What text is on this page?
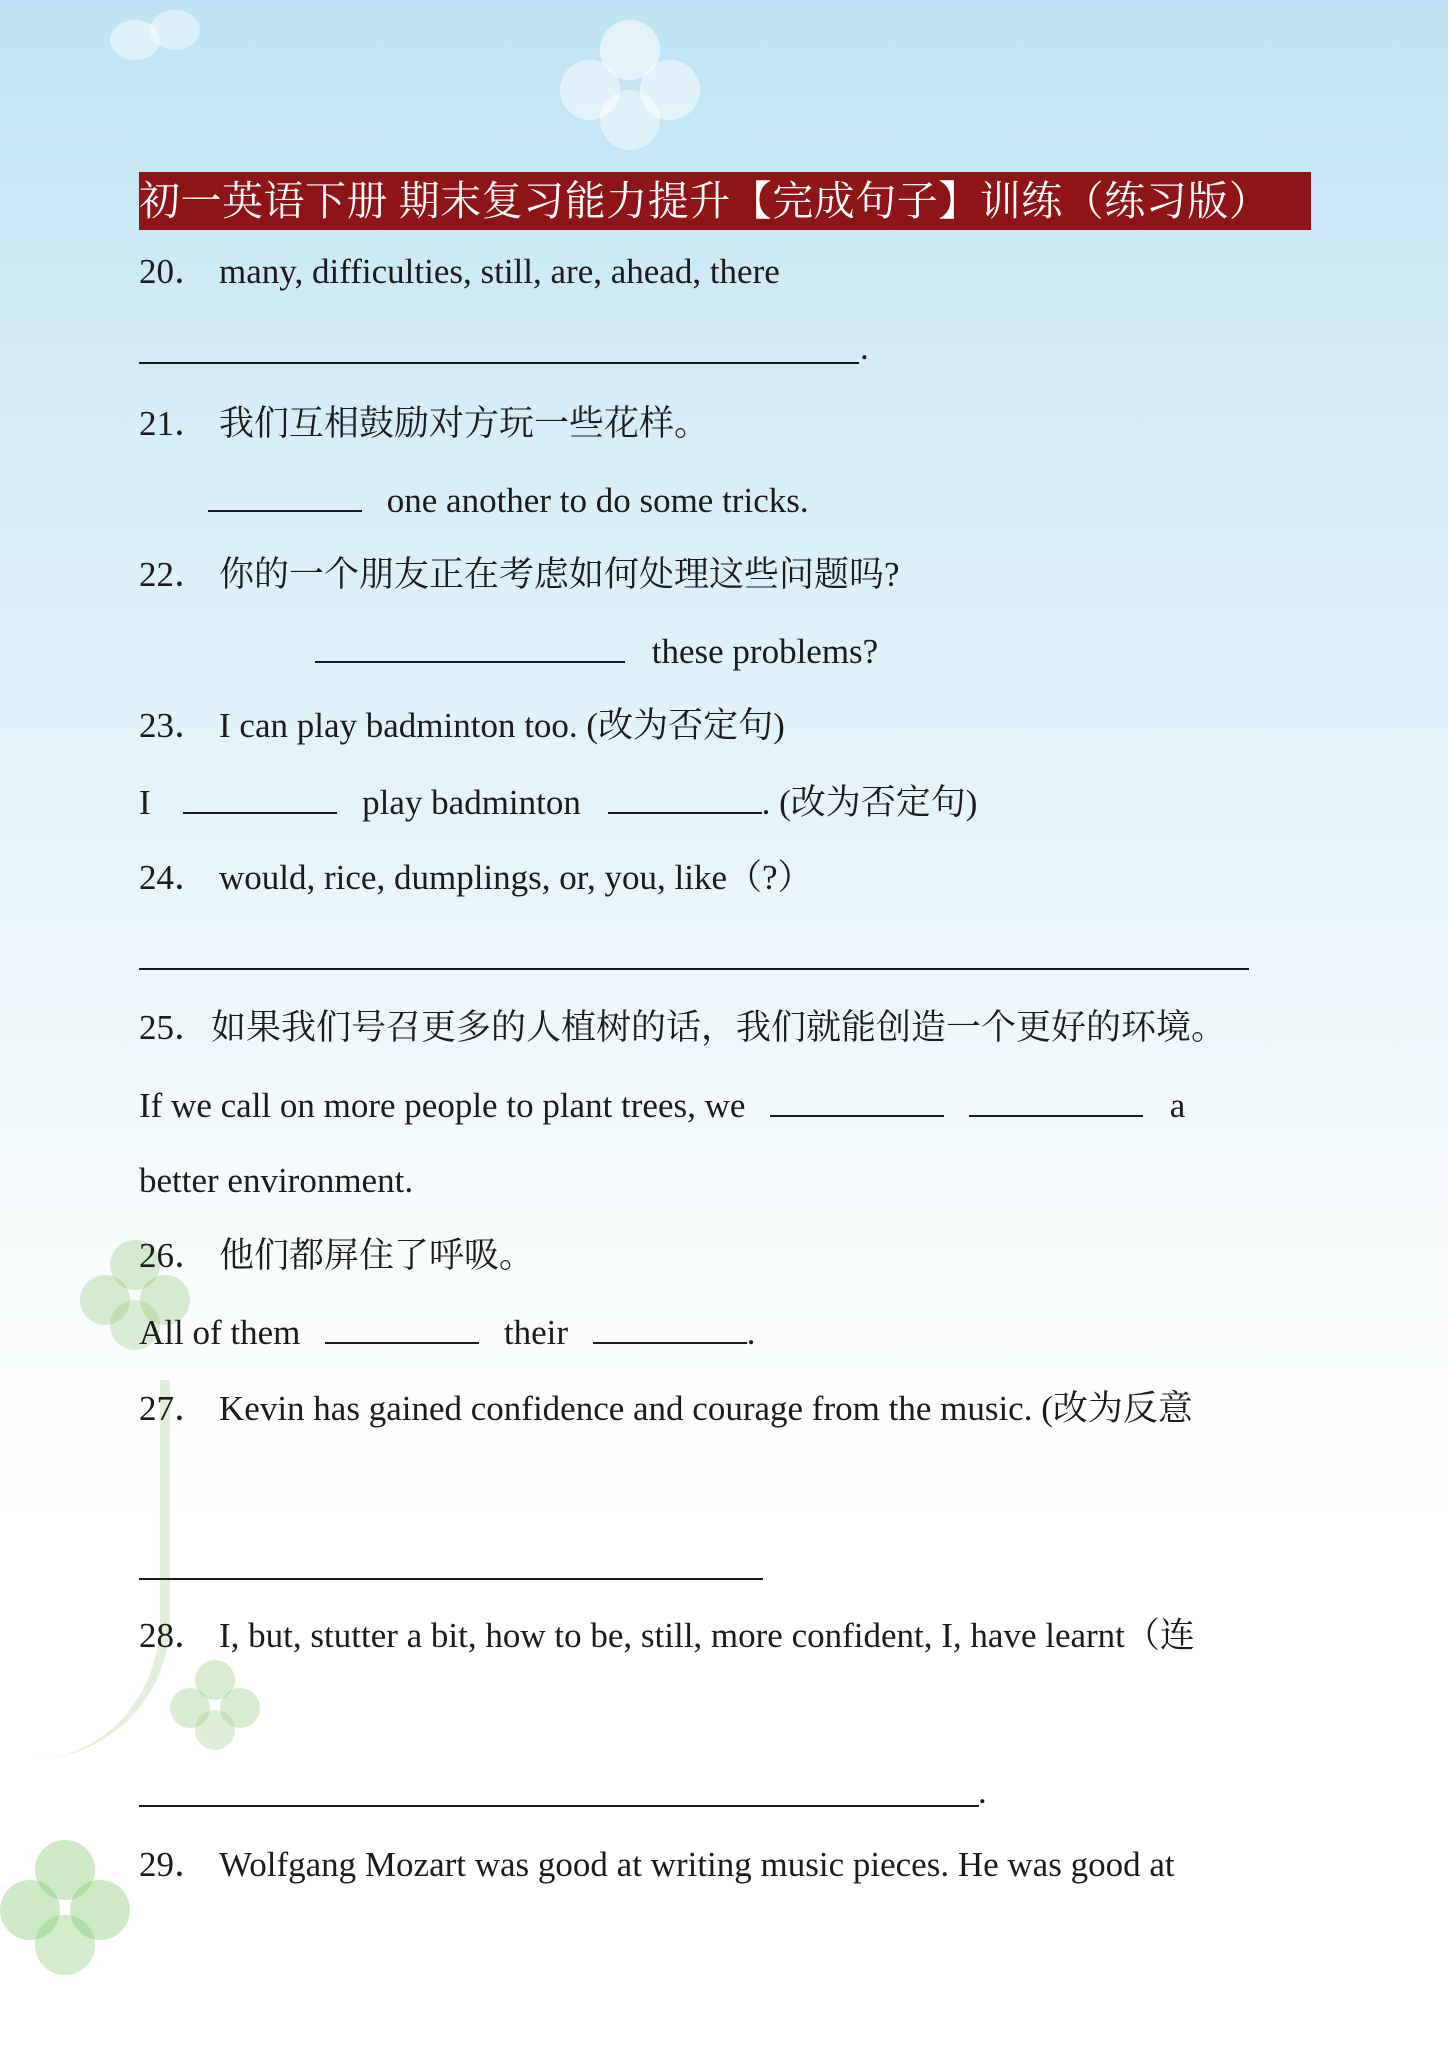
初一英语下册 期末复习能力提升【完成句子】训练（练习版）
20． many, difficulties, still, are, ahead, there
.
21． 我们互相鼓励对方玩一些花样。
one another to do some tricks.
22． 你的一个朋友正在考虑如何处理这些问题吗?
these problems?
23． I can play badminton too. (改为否定句)
I	play badminton	. (改为否定句)
24． would, rice, dumplings, or, you, like（?）
25．如果我们号召更多的人植树的话，我们就能创造一个更好的环境。
If we call on more people to plant trees, we	a
better environment.
26． 他们都屏住了呼吸。
All of them	their	.
27． Kevin has gained confidence and courage from the music. (改为反意
28． I, but, stutter a bit, how to be, still, more confident, I, have learnt（连
.
29． Wolfgang Mozart was good at writing music pieces. He was good at
